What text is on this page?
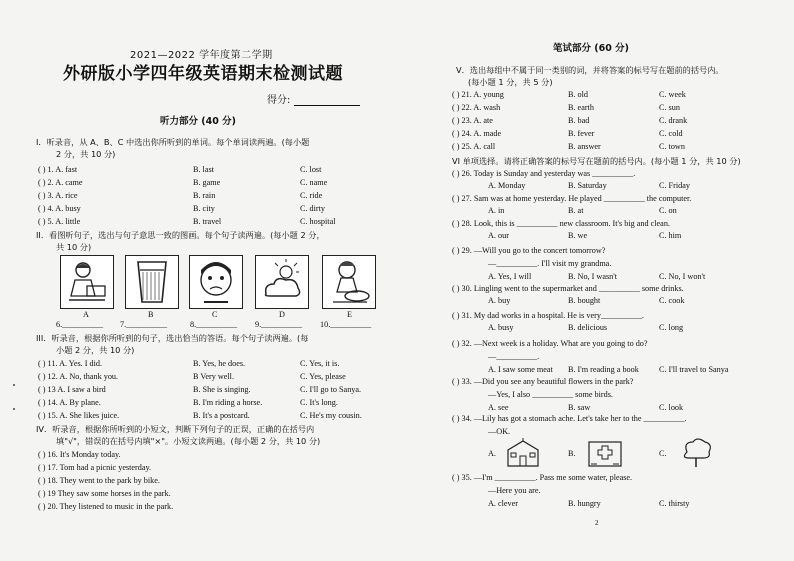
2021—2022 学年度第二学期
外研版小学四年级英语期末检测试题
得分:
听力部分 (40 分)
I．听录音，从 A、B、C 中选出你所听到的单词。每个单词读两遍。(每小题
2 分，共 10 分)
( ) 1. A. fast	B. last	C. lost
( ) 2. A. came	B. game	C. name
( ) 3. A. rice	B. rain	C. ride
( ) 4. A. busy	B. city	C. dirty
( ) 5. A. little	B. travel	C. hospital
II．看图听句子，选出与句子意思一致的图画。每个句子读两遍。(每小题 2 分，
共 10 分)
A	B	C	D	E
6.__________ 7.__________	8.__________ 9.__________ 10.__________
III．听录音，根据你所听到的句子，选出恰当的答语。每个句子读两遍。(每
小题 2 分，共 10 分)
( ) 11. A. Yes. I did.	B. Yes, he does.	C. Yes, it is.
( ) 12. A. No, thank you.	B Very well.	C. Yes, please
( ) 13 A. I saw a bird	B. She is singing.	C. I'll go to Sanya.
( ) 14. A. By plane.	B. I'm riding a horse.	C. It's long.
( ) 15. A. She likes juice.	B. It's a postcard.	C. He's my cousin.
IV．听录音，根据你所听到的小短文，判断下列句子的正误，正确的在括号内
填"√"，错误的在括号内填"×"。小短文读两遍。(每小题 2 分，共 10 分)
( ) 16. It's Monday today.
( ) 17. Tom had a picnic yesterday.
( ) 18. They went to the park by bike.
( ) 19 They saw some horses in the park.
( ) 20. They listened to music in the park.
笔试部分 (60 分)
V．选出每组中不属于同一类别的词，并将答案的标号写在题前的括号内。
(每小题 1 分，共 5 分)
( ) 21. A. young	B. old	C. week
( ) 22. A. wash	B. earth	C. sun
( ) 23. A. ate	B. bad	C. drank
( ) 24. A. made	B. fever	C. cold
( ) 25. A. call	B. answer	C. town
VI 单项选择。请将正确答案的标号写在题前的括号内。(每小题 1 分，共 10 分)
( ) 26. Today is Sunday and yesterday was __________.
A. Monday	B. Saturday	C. Friday
( ) 27. Sam was at home yesterday. He played __________ the computer.
A. in	B. at	C. on
( ) 28. Look, this is __________ new classroom. It's big and clean.
A. our	B. we	C. him
( ) 29. —Will you go to the concert tomorrow?
—__________. I'll visit my grandma.
A. Yes, I will	B. No, I wasn't	C. No, I won't
( ) 30. Lingling went to the supermarket and __________ some drinks.
A. buy	B. bought	C. cook
( ) 31. My dad works in a hospital. He is very__________.
A. busy	B. delicious	C. long
( ) 32. —Next week is a holiday. What are you going to do?
—__________.
A. I saw some meat B. I'm reading a book C. I'll travel to Sanya
( ) 33. —Did you see any beautiful flowers in the park?
—Yes, I also __________ some birds.
A. see	B. saw	C. look
( ) 34. —Lily has got a stomach ache. Let's take her to the __________.
—OK.
A.	B.	C.
( ) 35. —I'm __________. Pass me some water, please.
—Here you are.
A. clever	B. hungry	C. thirsty
2
